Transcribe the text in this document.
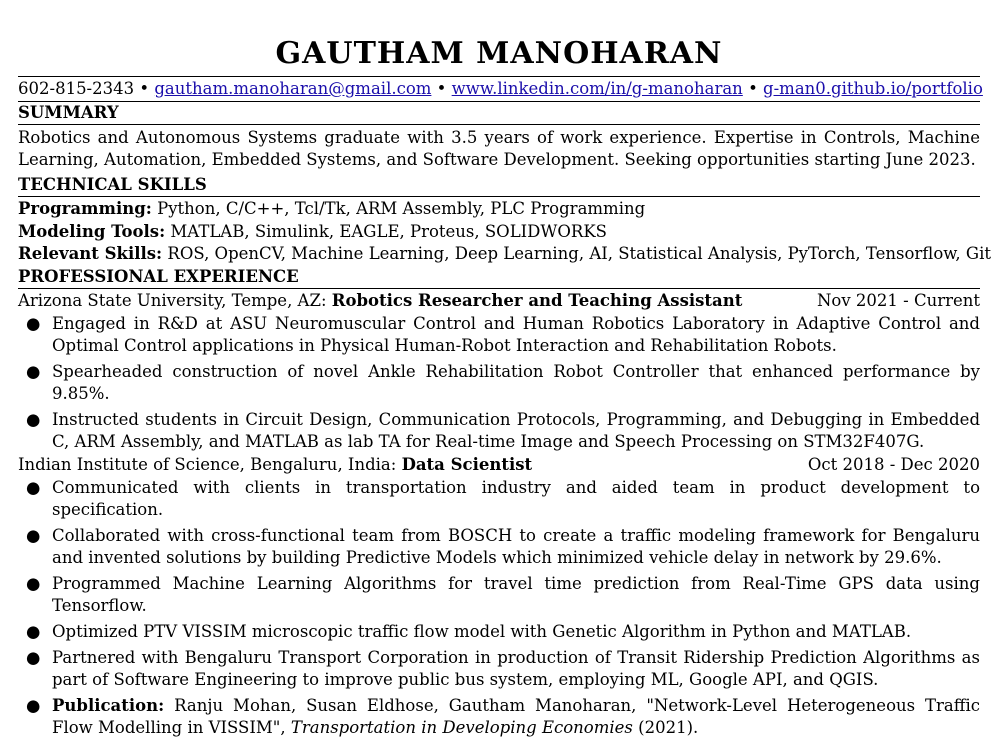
GAUTHAM MANOHARAN
602-815-2343 • gautham.manoharan@gmail.com • www.linkedin.com/in/g-manoharan • g-man0.github.io/portfolio
SUMMARY
Robotics and Autonomous Systems graduate with 3.5 years of work experience. Expertise in Controls, Machine Learning, Automation, Embedded Systems, and Software Development. Seeking opportunities starting June 2023.
TECHNICAL SKILLS
Programming: Python, C/C++, Tcl/Tk, ARM Assembly, PLC Programming
Modeling Tools: MATLAB, Simulink, EAGLE, Proteus, SOLIDWORKS
Relevant Skills: ROS, OpenCV, Machine Learning, Deep Learning, AI, Statistical Analysis, PyTorch, Tensorflow, Git
PROFESSIONAL EXPERIENCE
Arizona State University, Tempe, AZ: Robotics Researcher and Teaching Assistant	Nov 2021 - Current
● Engaged in R&D at ASU Neuromuscular Control and Human Robotics Laboratory in Adaptive Control and Optimal Control applications in Physical Human-Robot Interaction and Rehabilitation Robots.
● Spearheaded construction of novel Ankle Rehabilitation Robot Controller that enhanced performance by 9.85%.
● Instructed students in Circuit Design, Communication Protocols, Programming, and Debugging in Embedded C, ARM Assembly, and MATLAB as lab TA for Real-time Image and Speech Processing on STM32F407G.
Indian Institute of Science, Bengaluru, India: Data Scientist	Oct 2018 - Dec 2020
● Communicated with clients in transportation industry and aided team in product development to specification.
● Collaborated with cross-functional team from BOSCH to create a traffic modeling framework for Bengaluru and invented solutions by building Predictive Models which minimized vehicle delay in network by 29.6%.
● Programmed Machine Learning Algorithms for travel time prediction from Real-Time GPS data using Tensorflow.
● Optimized PTV VISSIM microscopic traffic flow model with Genetic Algorithm in Python and MATLAB.
● Partnered with Bengaluru Transport Corporation in production of Transit Ridership Prediction Algorithms as part of Software Engineering to improve public bus system, employing ML, Google API, and QGIS.
● Publication: Ranju Mohan, Susan Eldhose, Gautham Manoharan, "Network-Level Heterogeneous Traffic Flow Modelling in VISSIM", Transportation in Developing Economies (2021).
